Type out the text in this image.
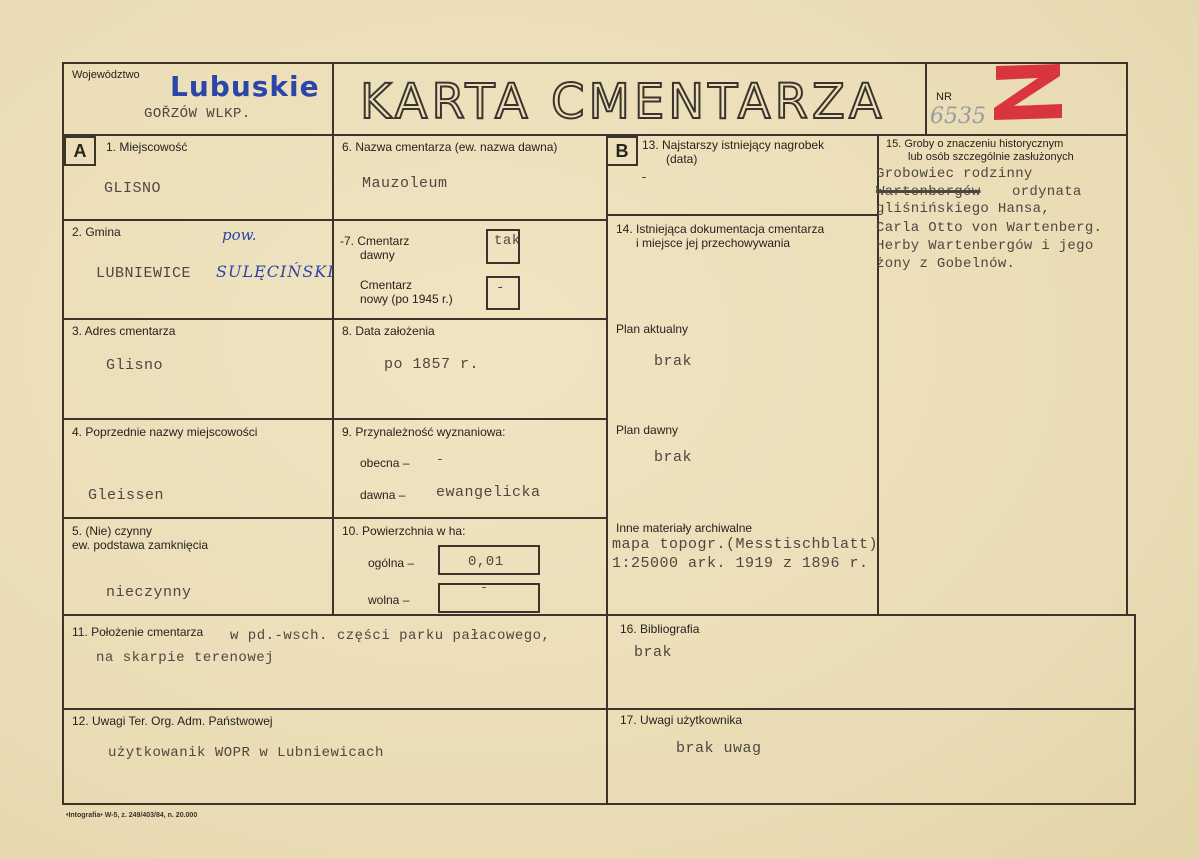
Województwo Lubuskie
GOŘZÓW WLKP. KARTA CMENTARZA	NR
6535
A	1. Miejscowość
GLISNO
2. Gmina	pow.
LUBNIEWICE SULĘCIŃSKI
3. Adres cmentarza
Glisno
4. Poprzednie nazwy miejscowości
Gleissen
5. (Nie) czynny
ew. podstawa zamknięcia
nieczynny
6. Nazwa cmentarza (ew. nazwa dawna)
Mauzoleum
-7. Cmentarz
dawny
tak
Cmentarz
nowy (po 1945 r.)
-
8. Data założenia
po 1857 r.
9. Przynależność wyznaniowa:
obecna – -
dawna – ewangelicka
10. Powierzchnia w ha:
ogólna –	0,01
wolna –
-
B	13. Najstarszy istniejący nagrobek
(data)
-
14. Istniejąca dokumentacja cmentarza
i miejsce jej przechowywania
Plan aktualny
brak
Plan dawny
brak
Inne materiały archiwalne
mapa topogr.(Messtischblatt)
1:25000 ark. 1919 z 1896 r.
15. Groby o znaczeniu historycznym
lub osób szczególnie zasłużonych
Grobowiec rodzinny
Wartenbergów ordynata
gliśnińskiego Hansa,
Carla Otto von Wartenberg.
Herby Wartenbergów i jego
żony z Gobelnów.
11. Położenie cmentarza w pd.-wsch. części parku pałacowego,
na skarpie terenowej
16. Bibliografia
brak
12. Uwagi Ter. Org. Adm. Państwowej
użytkowanik WOPR w Lubniewicach
17. Uwagi użytkownika
brak uwag
•Intografia• W-5, z. 249/403/84, n. 20.000
